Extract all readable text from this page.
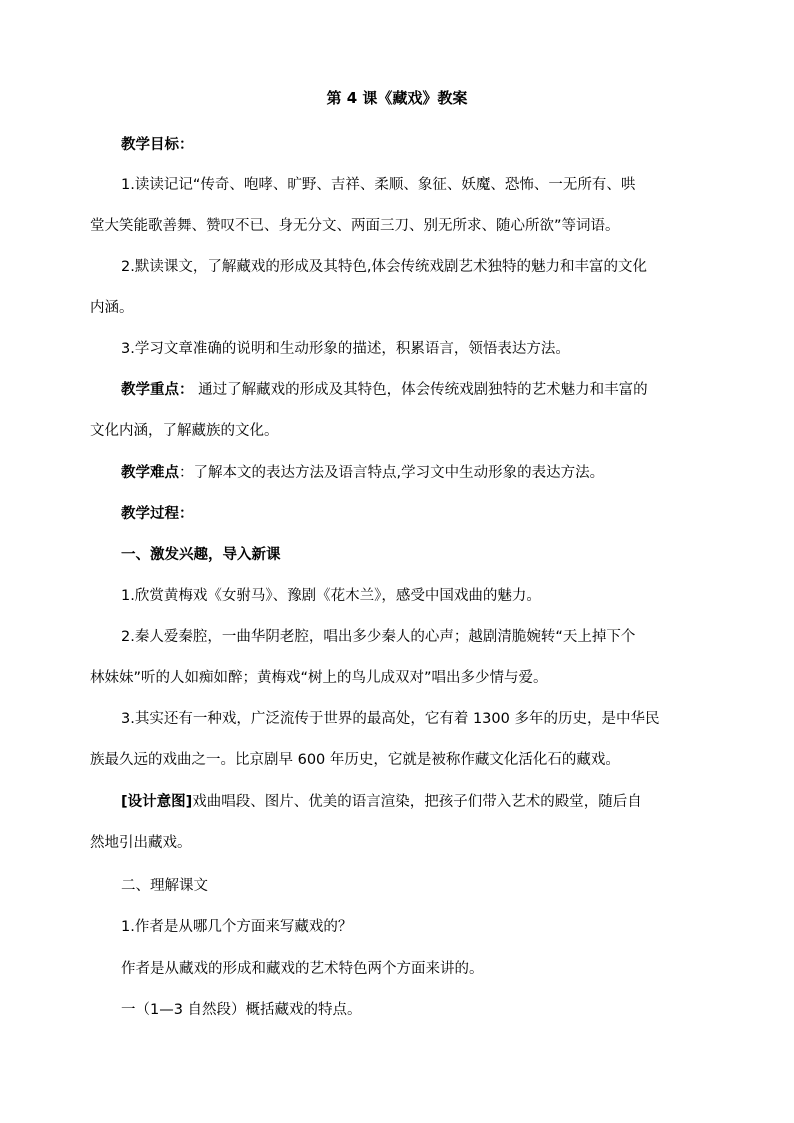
第 4 课《藏戏》教案
教学目标：
1.读读记记“传奇、咆哮、旷野、吉祥、柔顺、象征、妖魔、恐怖、一无所有、哄
堂大笑能歌善舞、赞叹不已、身无分文、两面三刀、别无所求、随心所欲”等词语。
2.默读课文，了解藏戏的形成及其特色,体会传统戏剧艺术独特的魅力和丰富的文化
内涵。
3.学习文章准确的说明和生动形象的描述，积累语言，领悟表达方法。
教学重点： 通过了解藏戏的形成及其特色，体会传统戏剧独特的艺术魅力和丰富的
文化内涵，了解藏族的文化。
教学难点：了解本文的表达方法及语言特点,学习文中生动形象的表达方法。
教学过程：
一、激发兴趣，导入新课
1.欣赏黄梅戏《女驸马》、豫剧《花木兰》，感受中国戏曲的魅力。
2.秦人爱秦腔，一曲华阴老腔，唱出多少秦人的心声；越剧清脆婉转“天上掉下个
林妹妹”听的人如痴如醉；黄梅戏“树上的鸟儿成双对”唱出多少情与爱。
3.其实还有一种戏，广泛流传于世界的最高处，它有着 1300 多年的历史，是中华民
族最久远的戏曲之一。比京剧早 600 年历史，它就是被称作藏文化活化石的藏戏。
[设计意图]戏曲唱段、图片、优美的语言渲染，把孩子们带入艺术的殿堂，随后自
然地引出藏戏。
二、理解课文
1.作者是从哪几个方面来写藏戏的？
作者是从藏戏的形成和藏戏的艺术特色两个方面来讲的。
一（1—3 自然段）概括藏戏的特点。
